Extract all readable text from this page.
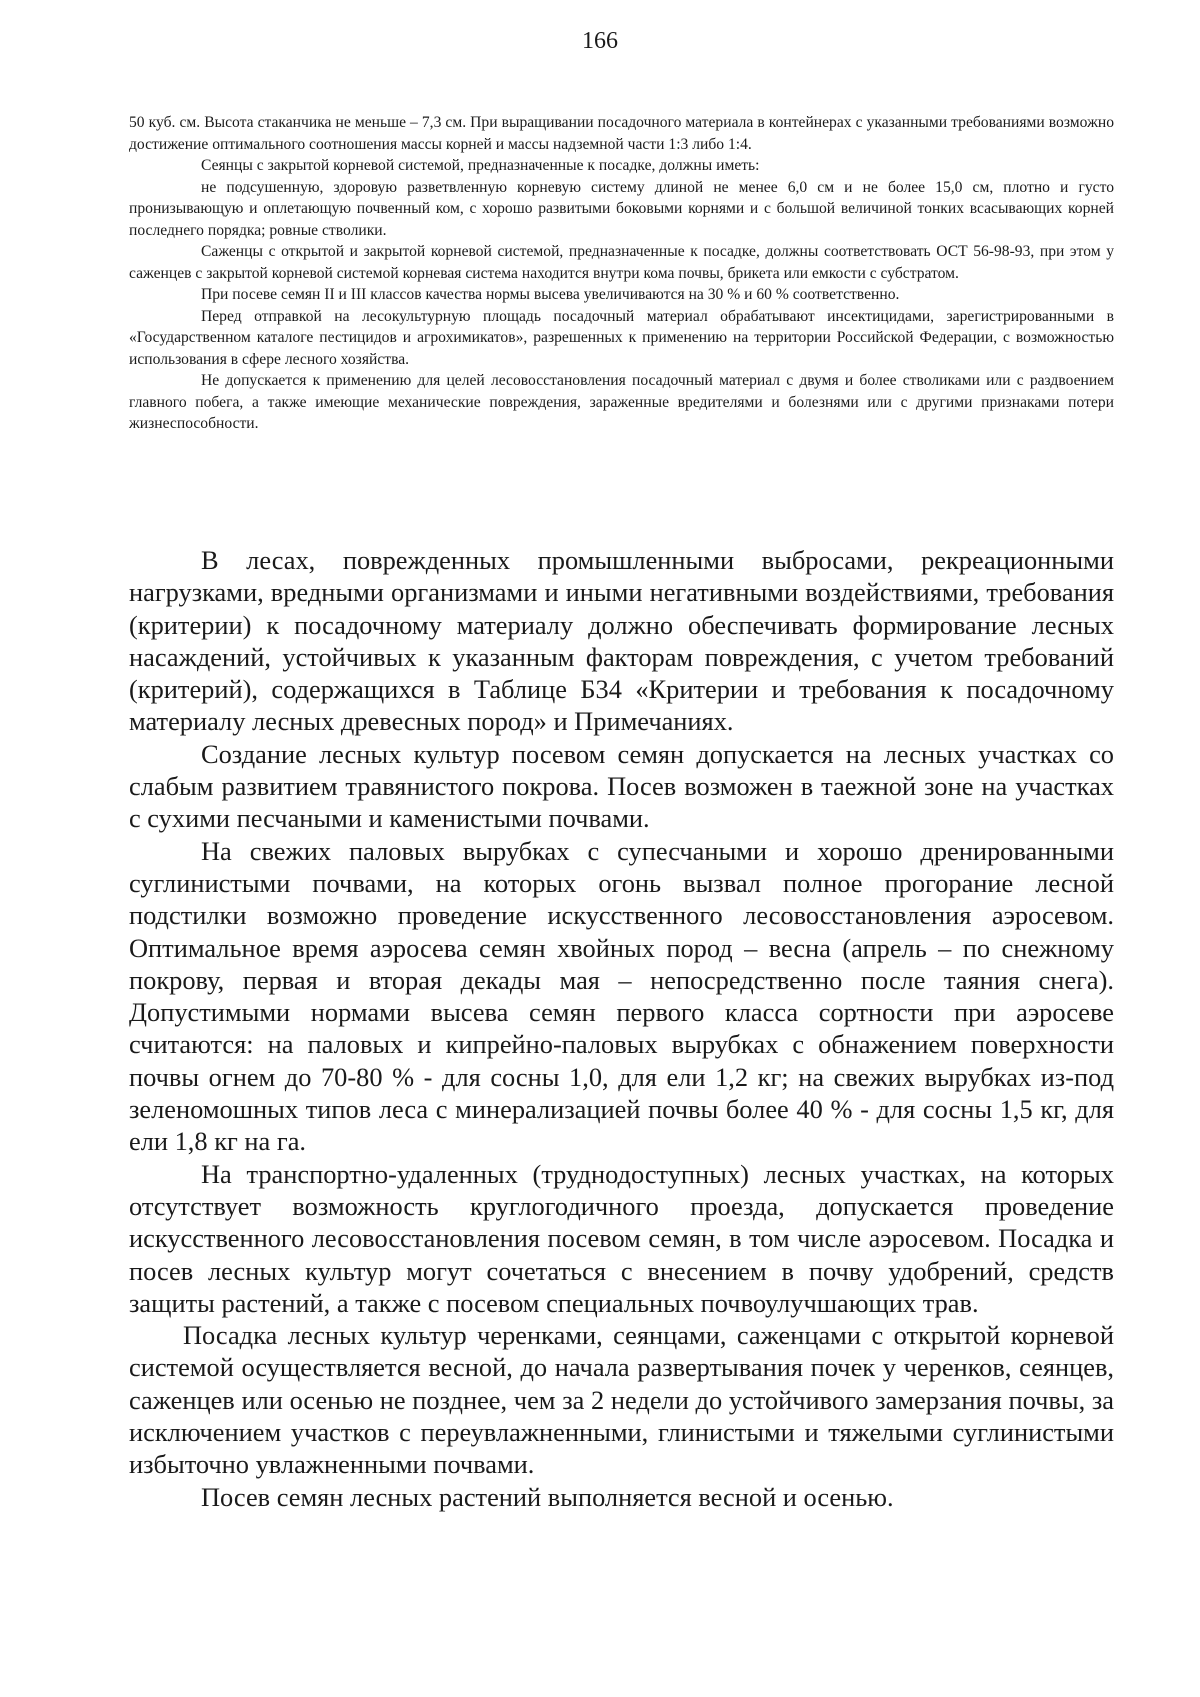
166

50 куб. см. Высота стаканчика не меньше – 7,3 см. При выращивании посадочного материала в контейнерах с указанными требованиями возможно достижение оптимального соотношения массы корней и массы надземной части 1:3 либо 1:4.

Сеянцы с закрытой корневой системой, предназначенные к посадке, должны иметь:

не подсушенную, здоровую разветвленную корневую систему длиной не менее 6,0 см и не более 15,0 см, плотно и густо пронизывающую и оплетающую почвенный ком, с хорошо развитыми боковыми корнями и с большой величиной тонких всасывающих корней последнего порядка; ровные стволики.

Саженцы с открытой и закрытой корневой системой, предназначенные к посадке, должны соответствовать ОСТ 56-98-93, при этом у саженцев с закрытой корневой системой корневая система находится внутри кома почвы, брикета или емкости с субстратом.

При посеве семян II и III классов качества нормы высева увеличиваются на 30 % и 60 % соответственно.

Перед отправкой на лесокультурную площадь посадочный материал обрабатывают инсектицидами, зарегистрированными в «Государственном каталоге пестицидов и агрохимикатов», разрешенных к применению на территории Российской Федерации, с возможностью использования в сфере лесного хозяйства.

Не допускается к применению для целей лесовосстановления посадочный материал с двумя и более стволиками или с раздвоением главного побега, а также имеющие механические повреждения, зараженные вредителями и болезнями или с другими признаками потери жизнеспособности.

В лесах, поврежденных промышленными выбросами, рекреационными нагрузками, вредными организмами и иными негативными воздействиями, требования (критерии) к посадочному материалу должно обеспечивать формирование лесных насаждений, устойчивых к указанным факторам повреждения, с учетом требований (критерий), содержащихся в Таблице Б34 «Критерии и требования к посадочному материалу лесных древесных пород» и Примечаниях.

Создание лесных культур посевом семян допускается на лесных участках со слабым развитием травянистого покрова. Посев возможен в таежной зоне на участках с сухими песчаными и каменистыми почвами.

На свежих паловых вырубках с супесчаными и хорошо дренированными суглинистыми почвами, на которых огонь вызвал полное прогорание лесной подстилки возможно проведение искусственного лесовосстановления аэросевом. Оптимальное время аэросева семян хвойных пород – весна (апрель – по снежному покрову, первая и вторая декады мая – непосредственно после таяния снега). Допустимыми нормами высева семян первого класса сортности при аэросеве считаются: на паловых и кипрейно-паловых вырубках с обнажением поверхности почвы огнем до 70-80 % - для сосны 1,0, для ели 1,2 кг; на свежих вырубках из-под зеленомошных типов леса с минерализацией почвы более 40 % - для сосны 1,5 кг, для ели 1,8 кг на га.

На транспортно-удаленных (труднодоступных) лесных участках, на которых отсутствует возможность круглогодичного проезда, допускается проведение искусственного лесовосстановления посевом семян, в том числе аэросевом. Посадка и посев лесных культур могут сочетаться с внесением в почву удобрений, средств защиты растений, а также с посевом специальных почвоулучшающих трав.

Посадка лесных культур черенками, сеянцами, саженцами с открытой корневой системой осуществляется весной, до начала развертывания почек у черенков, сеянцев, саженцев или осенью не позднее, чем за 2 недели до устойчивого замерзания почвы, за исключением участков с переувлажненными, глинистыми и тяжелыми суглинистыми избыточно увлажненными почвами.

Посев семян лесных растений выполняется весной и осенью.
